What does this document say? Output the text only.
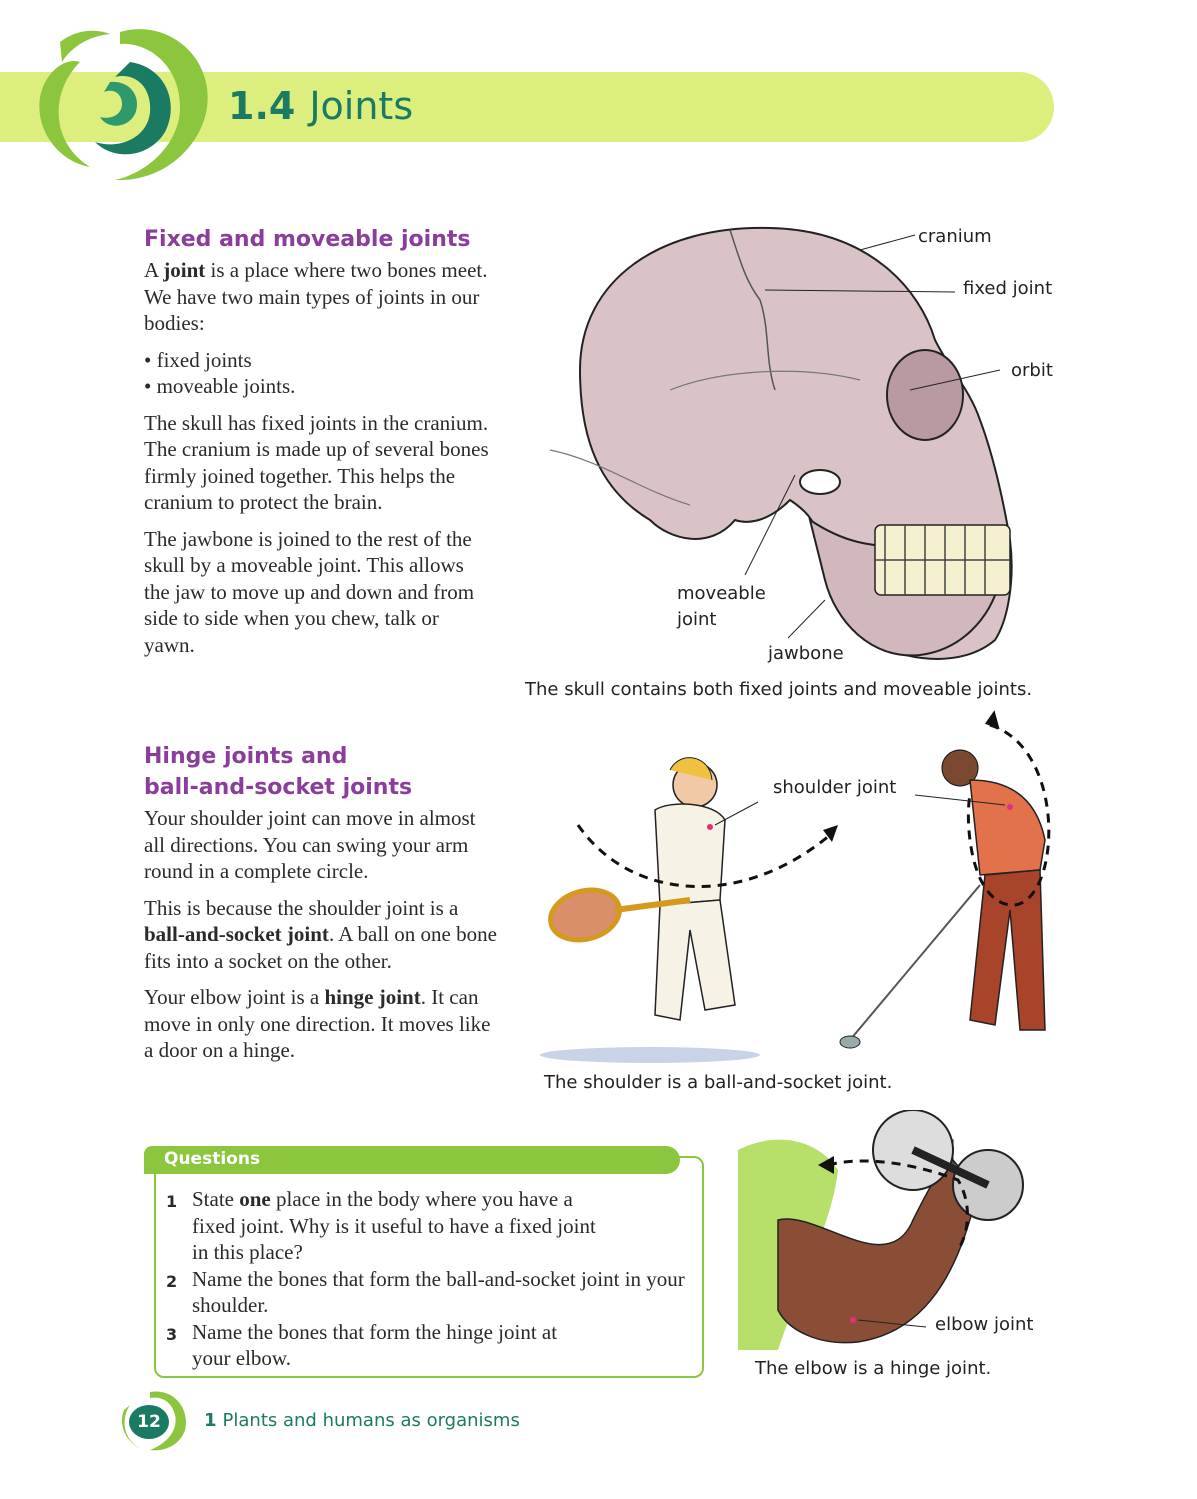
1.4 Joints
Fixed and moveable joints

A joint is a place where two bones meet. We have two main types of joints in our bodies:

• fixed joints
• moveable joints.

The skull has fixed joints in the cranium. The cranium is made up of several bones firmly joined together. This helps the cranium to protect the brain.

The jawbone is joined to the rest of the skull by a moveable joint. This allows the jaw to move up and down and from side to side when you chew, talk or yawn.

cranium
fixed joint
orbit
moveable
joint
jawbone
The skull contains both fixed joints and moveable joints.
Hinge joints and
ball-and-socket joints

Your shoulder joint can move in almost all directions. You can swing your arm round in a complete circle.

This is because the shoulder joint is a ball-and-socket joint. A ball on one bone fits into a socket on the other.

Your elbow joint is a hinge joint. It can move in only one direction. It moves like a door on a hinge.

shoulder joint
The shoulder is a ball-and-socket joint.
Questions
1 State one place in the body where you have a fixed joint. Why is it useful to have a fixed joint in this place?
2 Name the bones that form the ball-and-socket joint in your shoulder.
3 Name the bones that form the hinge joint at your elbow.
elbow joint
The elbow is a hinge joint.
12	1 Plants and humans as organisms
